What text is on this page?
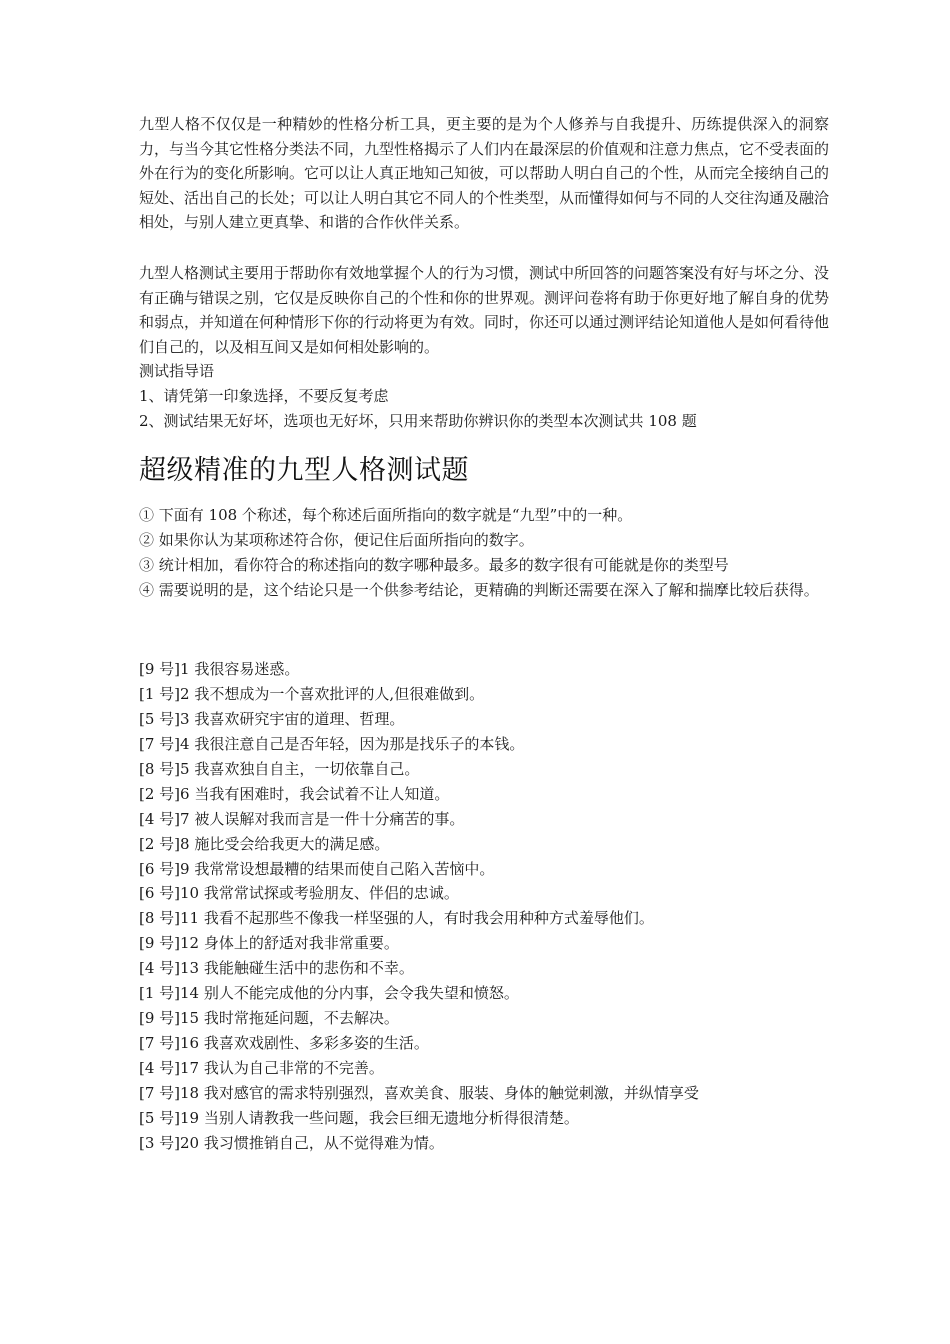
九型人格不仅仅是一种精妙的性格分析工具，更主要的是为个人修养与自我提升、历练提供深入的洞察力，与当今其它性格分类法不同，九型性格揭示了人们内在最深层的价值观和注意力焦点，它不受表面的外在行为的变化所影响。它可以让人真正地知己知彼，可以帮助人明白自己的个性，从而完全接纳自己的短处、活出自己的长处；可以让人明白其它不同人的个性类型，从而懂得如何与不同的人交往沟通及融洽相处，与别人建立更真挚、和谐的合作伙伴关系。

九型人格测试主要用于帮助你有效地掌握个人的行为习惯，测试中所回答的问题答案没有好与坏之分、没有正确与错误之别，它仅是反映你自己的个性和你的世界观。测评问卷将有助于你更好地了解自身的优势和弱点，并知道在何种情形下你的行动将更为有效。同时，你还可以通过测评结论知道他人是如何看待他们自己的，以及相互间又是如何相处影响的。

测试指导语

1、请凭第一印象选择，不要反复考虑

2、测试结果无好坏，选项也无好坏，只用来帮助你辨识你的类型本次测试共 108 题

超级精准的九型人格测试题

① 下面有 108 个称述，每个称述后面所指向的数字就是“九型”中的一种。

② 如果你认为某项称述符合你，便记住后面所指向的数字。

③ 统计相加，看你符合的称述指向的数字哪种最多。最多的数字很有可能就是你的类型号

④ 需要说明的是，这个结论只是一个供参考结论，更精确的判断还需要在深入了解和揣摩比较后获得。

[9 号]1 我很容易迷惑。

[1 号]2 我不想成为一个喜欢批评的人,但很难做到。

[5 号]3 我喜欢研究宇宙的道理、哲理。

[7 号]4 我很注意自己是否年轻，因为那是找乐子的本钱。

[8 号]5 我喜欢独自自主，一切依靠自己。

[2 号]6 当我有困难时，我会试着不让人知道。

[4 号]7 被人误解对我而言是一件十分痛苦的事。

[2 号]8 施比受会给我更大的满足感。

[6 号]9 我常常设想最糟的结果而使自己陷入苦恼中。

[6 号]10 我常常试探或考验朋友、伴侣的忠诚。

[8 号]11 我看不起那些不像我一样坚强的人，有时我会用种种方式羞辱他们。

[9 号]12 身体上的舒适对我非常重要。

[4 号]13 我能触碰生活中的悲伤和不幸。

[1 号]14 别人不能完成他的分内事，会令我失望和愤怒。

[9 号]15 我时常拖延问题，不去解决。

[7 号]16 我喜欢戏剧性、多彩多姿的生活。

[4 号]17 我认为自己非常的不完善。

[7 号]18 我对感官的需求特别强烈，喜欢美食、服装、身体的触觉刺激，并纵情享受

[5 号]19 当别人请教我一些问题，我会巨细无遗地分析得很清楚。

[3 号]20 我习惯推销自己，从不觉得难为情。
